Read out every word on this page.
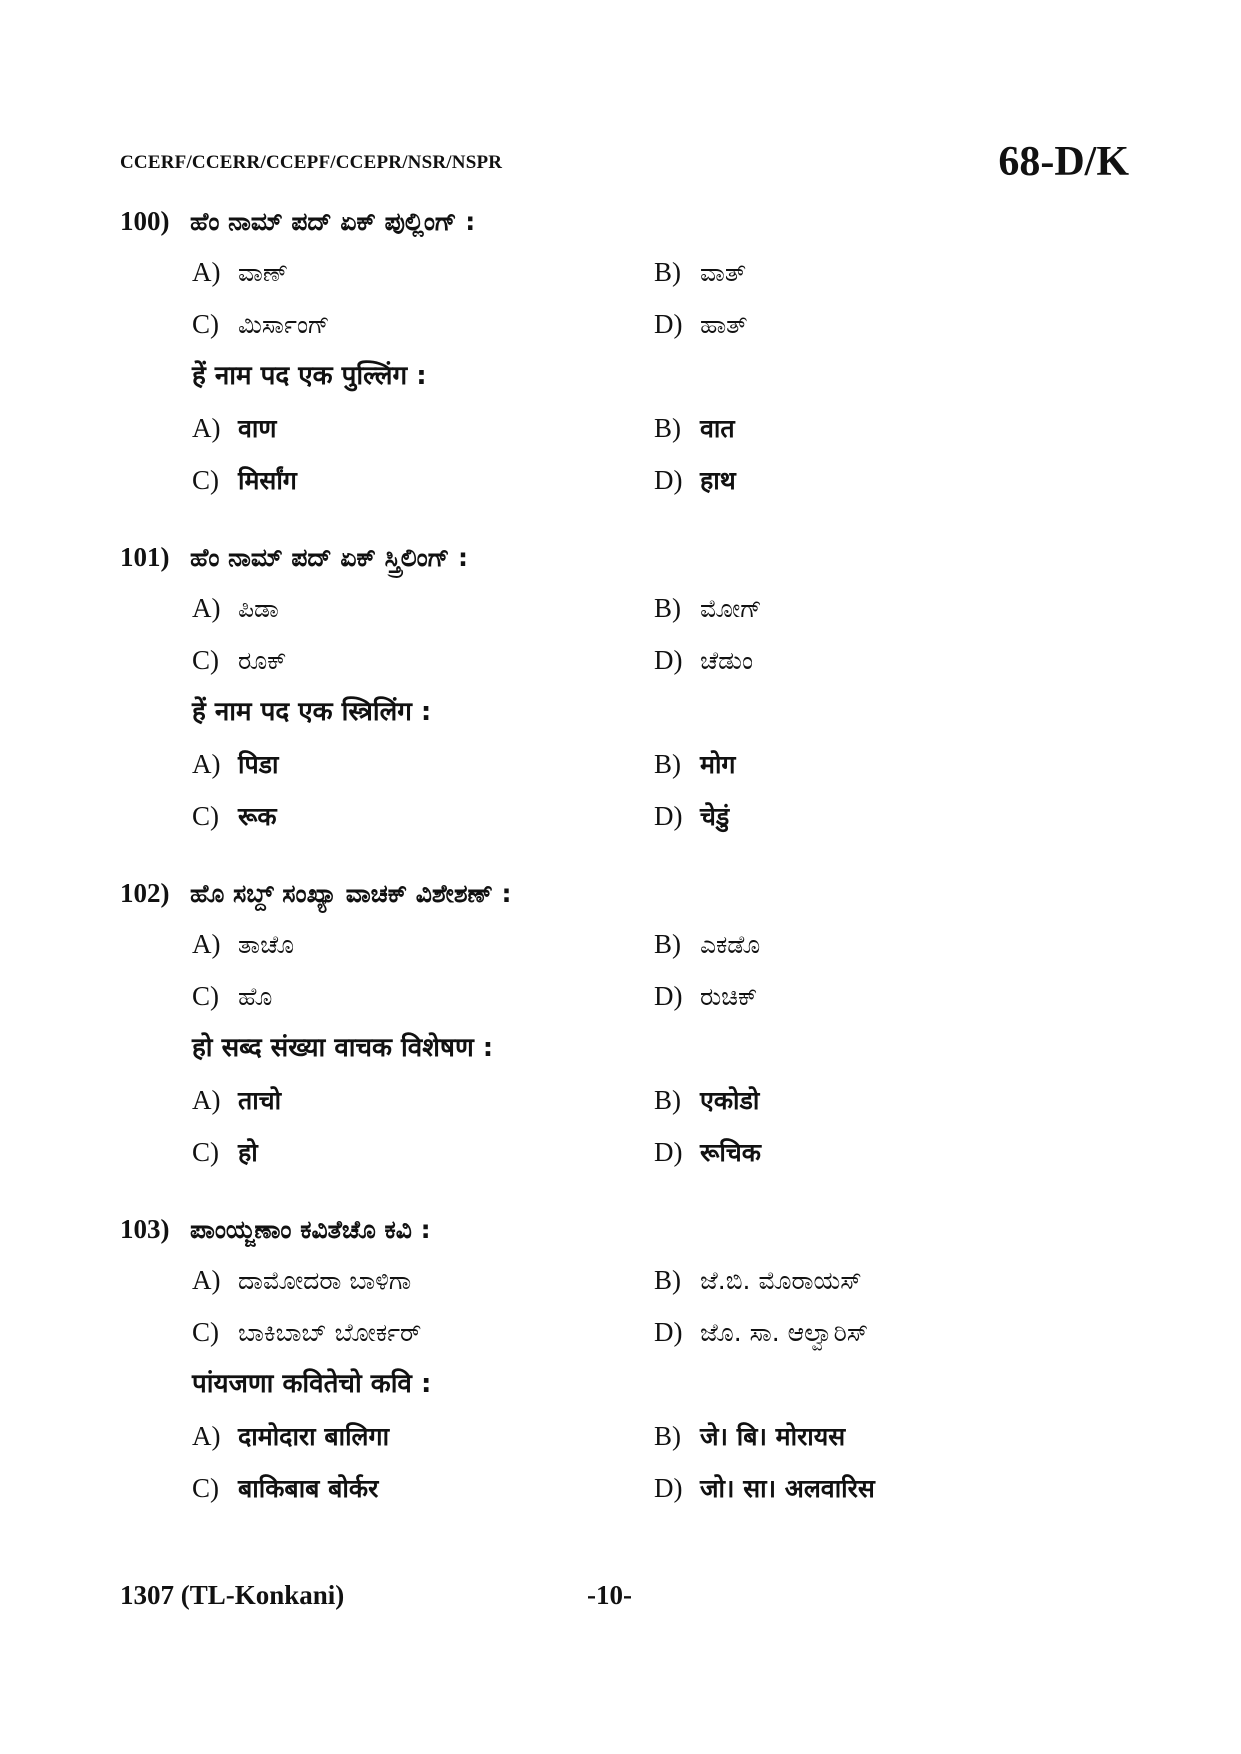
CCERF/CCERR/CCEPF/CCEPR/NSR/NSPR	68-D/K
100) ಹೆಂ ನಾಮ್ ಪದ್ ಏಕ್ ಪುಲ್ಲಿಂಗ್ :
A) ವಾಣ್	B) ವಾತ್
C) ಮಿರ್ಸಾಂಗ್	D) ಹಾತ್
हें नाम पद एक पुल्लिंग :
A) वाण	B) वात
C) मिर्सांग	D) हाथ
101) ಹೆಂ ನಾಮ್ ಪದ್ ಏಕ್ ಸ್ತ್ರಿಲಿಂಗ್ :
A) ಪಿಡಾ	B) ಮೋಗ್
C) ರೂಕ್	D) ಚೆಡುಂ
हें नाम पद एक स्त्रिलिंग :
A) पिडा	B) मोग
C) रूक	D) चेडुं
102) ಹೊ ಸಬ್ದ್ ಸಂಖ್ಯಾ ವಾಚಕ್ ವಿಶೇಶಣ್ :
A) ತಾಚೊ	B) ಎಕಡೊ
C) ಹೊ	D) ರುಚಿಕ್
हो सब्द संख्या वाचक विशेषण :
A) ताचो	B) एकोडो
C) हो	D) रूचिक
103) ಪಾಂಯ್ಜಣಾಂ ಕವಿತೆಚೊ ಕವಿ :
A) ದಾಮೋದರಾ ಬಾಳಿಗಾ	B) ಜೆ.ಬಿ. ಮೊರಾಯಸ್
C) ಬಾಕಿಬಾಬ್ ಬೋರ್ಕರ್	D) ಜೊ. ಸಾ. ಆಲ್ವಾರಿಸ್
पांयजणा कवितेचो कवि :
A) दामोदारा बालिगा	B) जे। बि। मोरायस
C) बाकिबाब बोर्कर	D) जो। सा। अलवारिस
1307 (TL-Konkani)	-10-
